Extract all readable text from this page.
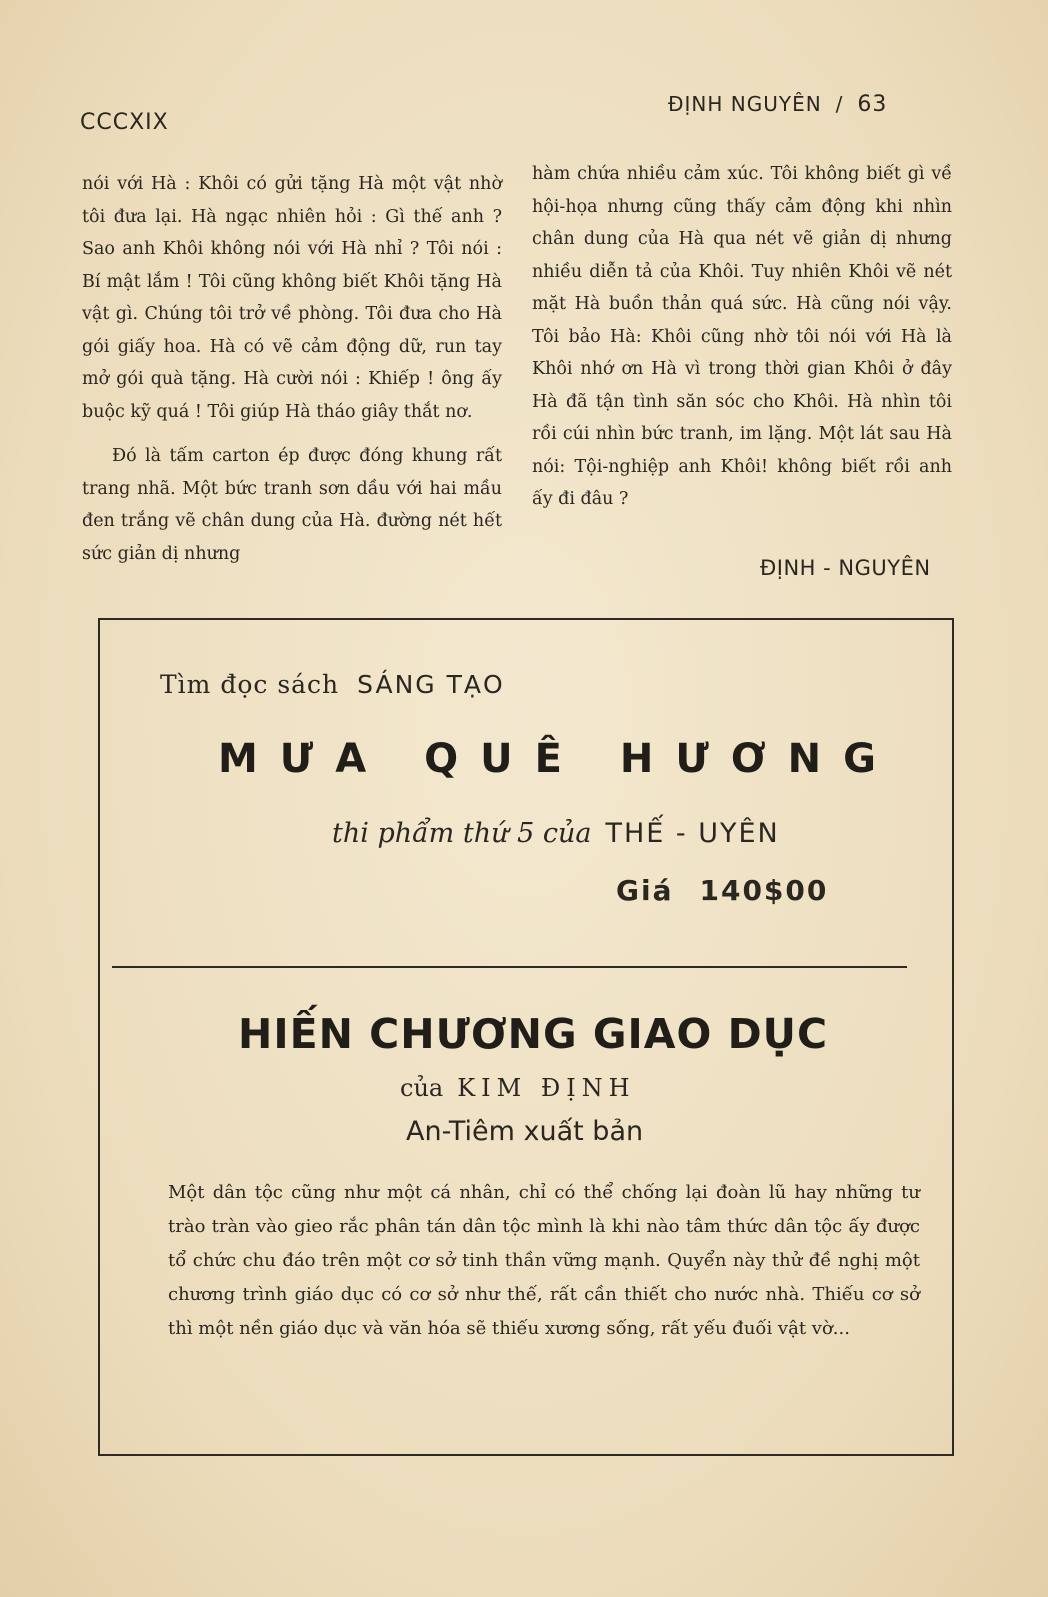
CCCXIX
ĐỊNH NGUYÊN / 63

nói với Hà : Khôi có gửi tặng Hà một vật nhờ tôi đưa lại. Hà ngạc nhiên hỏi : Gì thế anh ? Sao anh Khôi không nói với Hà nhỉ ? Tôi nói : Bí mật lắm ! Tôi cũng không biết Khôi tặng Hà vật gì. Chúng tôi trở về phòng. Tôi đưa cho Hà gói giấy hoa. Hà có vẽ cảm động dữ, run tay mở gói quà tặng. Hà cười nói : Khiếp ! ông ấy buộc kỹ quá ! Tôi giúp Hà tháo giây thắt nơ.

Đó là tấm carton ép được đóng khung rất trang nhã. Một bức tranh sơn dầu với hai mầu đen trắng vẽ chân dung của Hà. đường nét hết sức giản dị nhưng

hàm chứa nhiều cảm xúc. Tôi không biết gì về hội-họa nhưng cũng thấy cảm động khi nhìn chân dung của Hà qua nét vẽ giản dị nhưng nhiều diễn tả của Khôi. Tuy nhiên Khôi vẽ nét mặt Hà buồn thản quá sức. Hà cũng nói vậy. Tôi bảo Hà: Khôi cũng nhờ tôi nói với Hà là Khôi nhớ ơn Hà vì trong thời gian Khôi ở đây Hà đã tận tình săn sóc cho Khôi. Hà nhìn tôi rồi cúi nhìn bức tranh, im lặng. Một lát sau Hà nói: Tội-nghiệp anh Khôi! không biết rồi anh ấy đi đâu ?

ĐỊNH - NGUYÊN
Tìm đọc sách SÁNG TẠO
MƯA QUÊ HƯƠNG
thi phẩm thứ 5 của THẾ - UYÊN
Giá 140$00
HIẾN CHƯƠNG GIAO DỤC
của KIM ĐỊNH
An-Tiêm xuất bản
Một dân tộc cũng như một cá nhân, chỉ có thể chống lại đoàn lũ hay những tư trào tràn vào gieo rắc phân tán dân tộc mình là khi nào tâm thức dân tộc ấy được tổ chức chu đáo trên một cơ sở tinh thần vững mạnh. Quyển này thử đề nghị một chương trình giáo dục có cơ sở như thế, rất cần thiết cho nước nhà. Thiếu cơ sở thì một nền giáo dục và văn hóa sẽ thiếu xương sống, rất yếu đuối vật vờ...
